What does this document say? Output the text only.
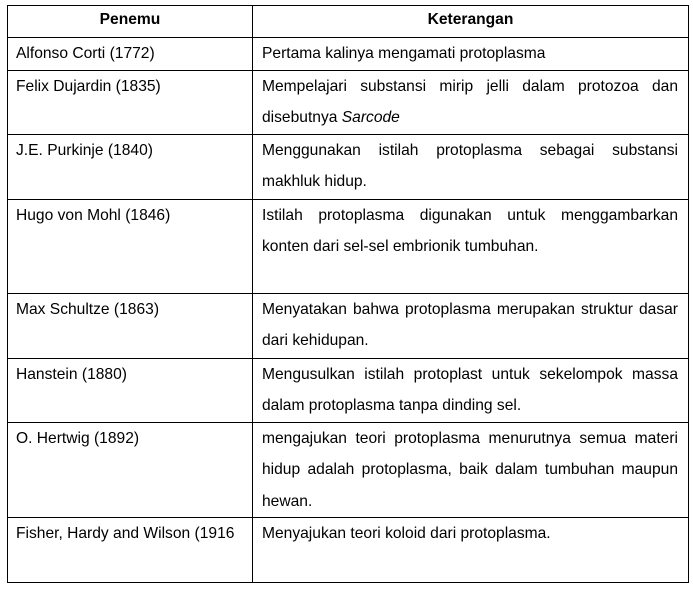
Penemu	Keterangan
Alfonso Corti (1772)	Pertama kalinya mengamati protoplasma
Felix Dujardin (1835)	Mempelajari substansi mirip jelli dalam protozoa dan disebutnya Sarcode
J.E. Purkinje (1840)	Menggunakan istilah protoplasma sebagai substansi makhluk hidup.
Hugo von Mohl (1846)	Istilah protoplasma digunakan untuk menggambarkan konten dari sel-sel embrionik tumbuhan.
Max Schultze (1863)	Menyatakan bahwa protoplasma merupakan struktur dasar dari kehidupan.
Hanstein (1880)	Mengusulkan istilah protoplast untuk sekelompok massa dalam protoplasma tanpa dinding sel.
O. Hertwig (1892)	mengajukan teori protoplasma menurutnya semua materi hidup adalah protoplasma, baik dalam tumbuhan maupun hewan.
Fisher, Hardy and Wilson (1916	Menyajukan teori koloid dari protoplasma.
